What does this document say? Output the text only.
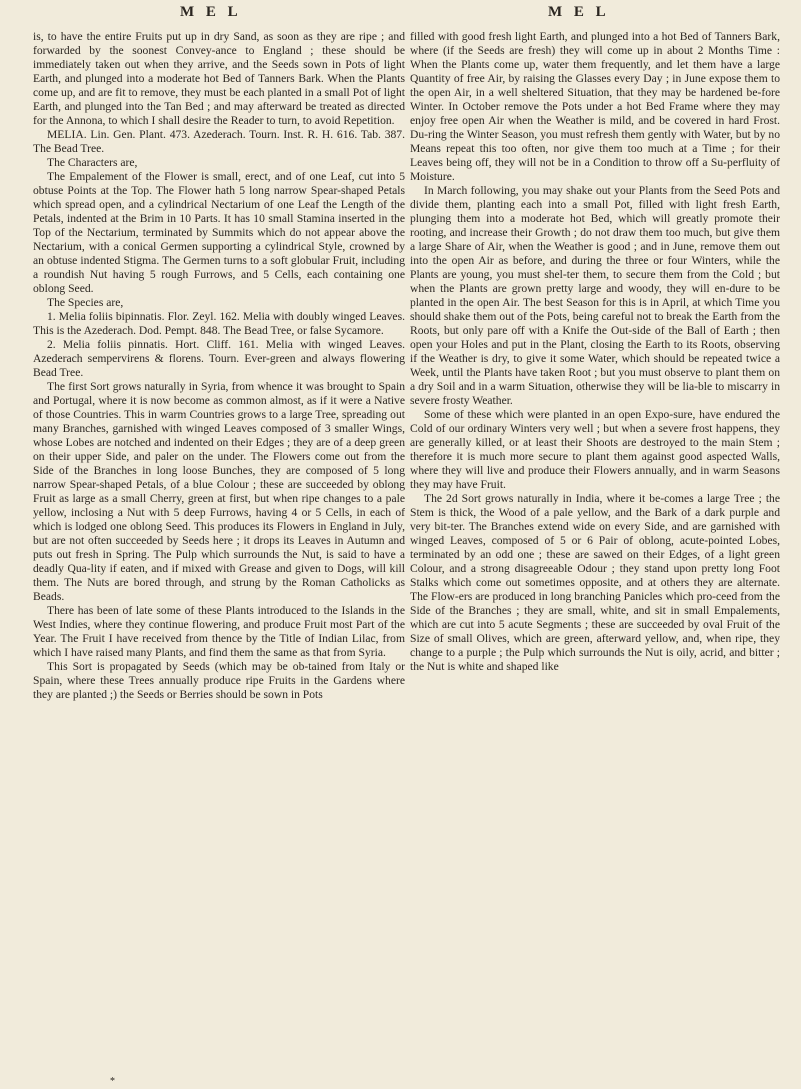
M E L	M E L

is, to have the entire Fruits put up in dry Sand, as soon as they are ripe ; and forwarded by the soonest Convey-ance to England ; these should be immediately taken out when they arrive, and the Seeds sown in Pots of light Earth, and plunged into a moderate hot Bed of Tanners Bark. When the Plants come up, and are fit to remove, they must be each planted in a small Pot of light Earth, and plunged into the Tan Bed ; and may afterward be treated as directed for the Annona, to which I shall desire the Reader to turn, to avoid Repetition.

MELIA. Lin. Gen. Plant. 473. Azederach. Tourn. Inst. R. H. 616. Tab. 387. The Bead Tree.

The Characters are,

The Empalement of the Flower is small, erect, and of one Leaf, cut into 5 obtuse Points at the Top. The Flower hath 5 long narrow Spear-shaped Petals which spread open, and a cylindrical Nectarium of one Leaf the Length of the Petals, indented at the Brim in 10 Parts. It has 10 small Stamina inserted in the Top of the Nectarium, terminated by Summits which do not appear above the Nectarium, with a conical Germen supporting a cylindrical Style, crowned by an obtuse indented Stigma. The Germen turns to a soft globular Fruit, including a roundish Nut having 5 rough Furrows, and 5 Cells, each containing one oblong Seed.

The Species are,

1. Melia foliis bipinnatis. Flor. Zeyl. 162. Melia with doubly winged Leaves. This is the Azederach. Dod. Pempt. 848. The Bead Tree, or false Sycamore.

2. Melia foliis pinnatis. Hort. Cliff. 161. Melia with winged Leaves. Azederach sempervirens & florens. Tourn. Ever-green and always flowering Bead Tree.

The first Sort grows naturally in Syria, from whence it was brought to Spain and Portugal, where it is now become as common almost, as if it were a Native of those Countries. This in warm Countries grows to a large Tree, spreading out many Branches, garnished with winged Leaves composed of 3 smaller Wings, whose Lobes are notched and indented on their Edges ; they are of a deep green on their upper Side, and paler on the under. The Flowers come out from the Side of the Branches in long loose Bunches, they are composed of 5 long narrow Spear-shaped Petals, of a blue Colour ; these are succeeded by oblong Fruit as large as a small Cherry, green at first, but when ripe changes to a pale yellow, inclosing a Nut with 5 deep Furrows, having 4 or 5 Cells, in each of which is lodged one oblong Seed. This produces its Flowers in England in July, but are not often succeeded by Seeds here ; it drops its Leaves in Autumn and puts out fresh in Spring. The Pulp which surrounds the Nut, is said to have a deadly Qua-lity if eaten, and if mixed with Grease and given to Dogs, will kill them. The Nuts are bored through, and strung by the Roman Catholicks as Beads.

There has been of late some of these Plants introduced to the Islands in the West Indies, where they continue flowering, and produce Fruit most Part of the Year. The Fruit I have received from thence by the Title of Indian Lilac, from which I have raised many Plants, and find them the same as that from Syria.

This Sort is propagated by Seeds (which may be ob-tained from Italy or Spain, where these Trees annually produce ripe Fruits in the Gardens where they are planted ;) the Seeds or Berries should be sown in Pots

filled with good fresh light Earth, and plunged into a hot Bed of Tanners Bark, where (if the Seeds are fresh) they will come up in about 2 Months Time : When the Plants come up, water them frequently, and let them have a large Quantity of free Air, by raising the Glasses every Day ; in June expose them to the open Air, in a well sheltered Situation, that they may be hardened be-fore Winter. In October remove the Pots under a hot Bed Frame where they may enjoy free open Air when the Weather is mild, and be covered in hard Frost. Du-ring the Winter Season, you must refresh them gently with Water, but by no Means repeat this too often, nor give them too much at a Time ; for their Leaves being off, they will not be in a Condition to throw off a Su-perfluity of Moisture.

In March following, you may shake out your Plants from the Seed Pots and divide them, planting each into a small Pot, filled with light fresh Earth, plunging them into a moderate hot Bed, which will greatly promote their rooting, and increase their Growth ; do not draw them too much, but give them a large Share of Air, when the Weather is good ; and in June, remove them out into the open Air as before, and during the three or four Winters, while the Plants are young, you must shel-ter them, to secure them from the Cold ; but when the Plants are grown pretty large and woody, they will en-dure to be planted in the open Air. The best Season for this is in April, at which Time you should shake them out of the Pots, being careful not to break the Earth from the Roots, but only pare off with a Knife the Out-side of the Ball of Earth ; then open your Holes and put in the Plant, closing the Earth to its Roots, observing if the Weather is dry, to give it some Water, which should be repeated twice a Week, until the Plants have taken Root ; but you must observe to plant them on a dry Soil and in a warm Situation, otherwise they will be lia-ble to miscarry in severe frosty Weather.

Some of these which were planted in an open Expo-sure, have endured the Cold of our ordinary Winters very well ; but when a severe frost happens, they are generally killed, or at least their Shoots are destroyed to the main Stem ; therefore it is much more secure to plant them against good aspected Walls, where they will live and produce their Flowers annually, and in warm Seasons they may have Fruit.

The 2d Sort grows naturally in India, where it be-comes a large Tree ; the Stem is thick, the Wood of a pale yellow, and the Bark of a dark purple and very bit-ter. The Branches extend wide on every Side, and are garnished with winged Leaves, composed of 5 or 6 Pair of oblong, acute-pointed Lobes, terminated by an odd one ; these are sawed on their Edges, of a light green Colour, and a strong disagreeable Odour ; they stand upon pretty long Foot Stalks which come out sometimes opposite, and at others they are alternate. The Flow-ers are produced in long branching Panicles which pro-ceed from the Side of the Branches ; they are small, white, and sit in small Empalements, which are cut into 5 acute Segments ; these are succeeded by oval Fruit of the Size of small Olives, which are green, afterward yellow, and, when ripe, they change to a purple ; the Pulp which surrounds the Nut is oily, acrid, and bitter ; the Nut is white and shaped like

*
